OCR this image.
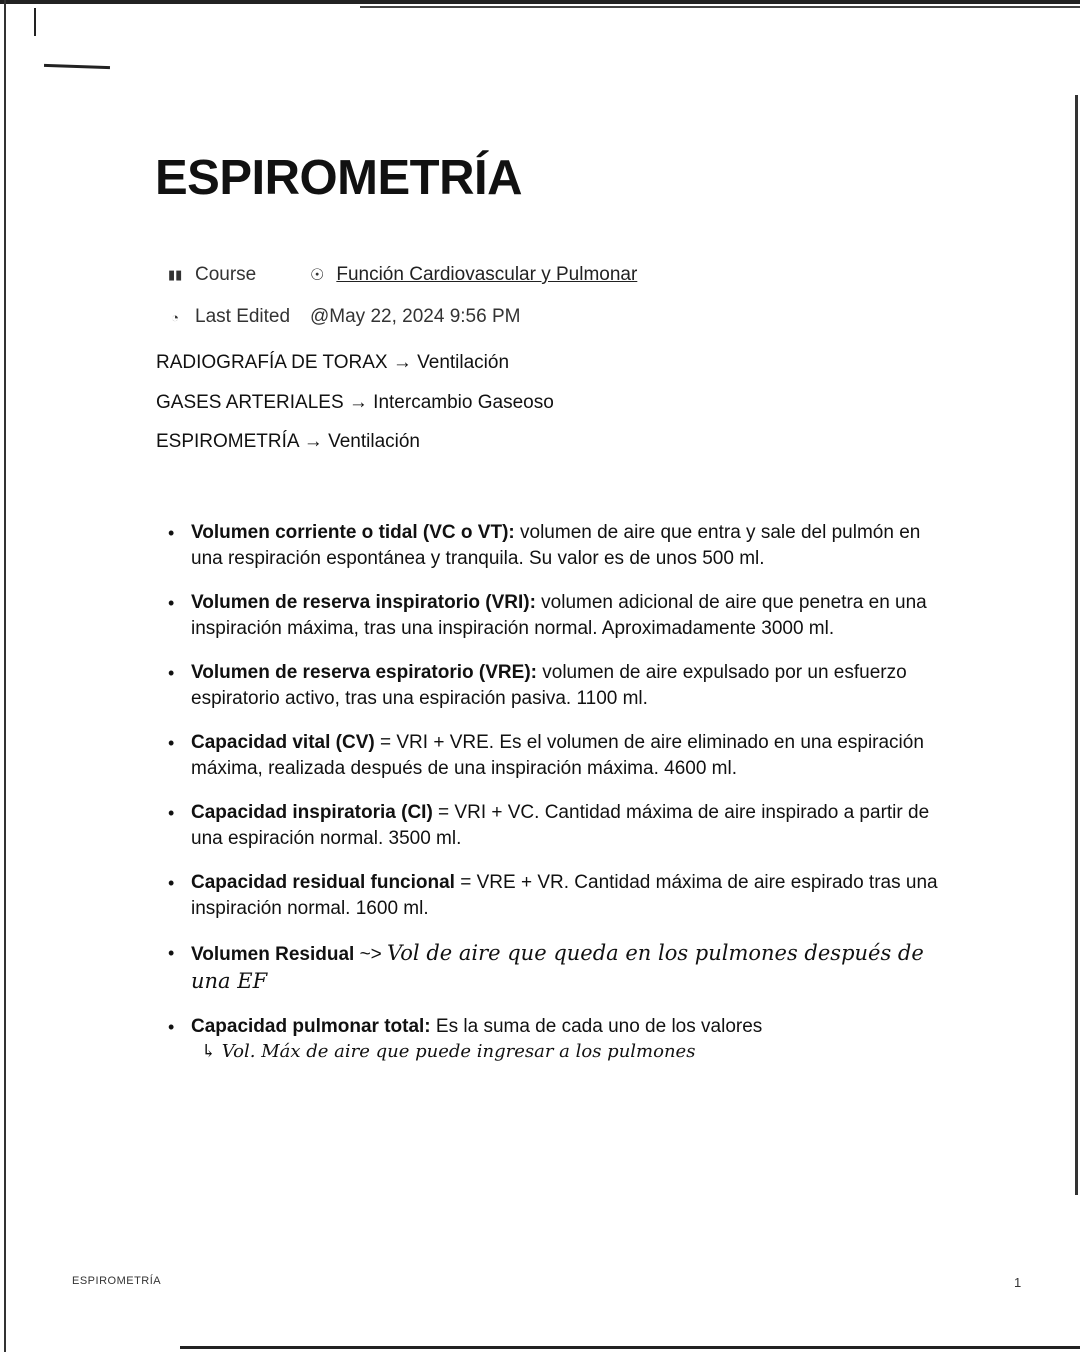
ESPIROMETRÍA
▮▮ Course	☉ Función Cardiovascular y Pulmonar
◔ Last Edited	@May 22, 2024 9:56 PM
RADIOGRAFÍA DE TORAX → Ventilación
GASES ARTERIALES → Intercambio Gaseoso
ESPIROMETRÍA → Ventilación
• Volumen corriente o tidal (VC o VT): volumen de aire que entra y sale del pulmón en una respiración espontánea y tranquila. Su valor es de unos 500 ml.
• Volumen de reserva inspiratorio (VRI): volumen adicional de aire que penetra en una inspiración máxima, tras una inspiración normal. Aproximadamente 3000 ml.
• Volumen de reserva espiratorio (VRE): volumen de aire expulsado por un esfuerzo espiratorio activo, tras una espiración pasiva. 1100 ml.
• Capacidad vital (CV) = VRI + VRE. Es el volumen de aire eliminado en una espiración máxima, realizada después de una inspiración máxima. 4600 ml.
• Capacidad inspiratoria (CI) = VRI + VC. Cantidad máxima de aire inspirado a partir de una espiración normal. 3500 ml.
• Capacidad residual funcional = VRE + VR. Cantidad máxima de aire espirado tras una inspiración normal. 1600 ml.
• Volumen Residual ~> Vol de aire que queda en los pulmones después de una EF
• Capacidad pulmonar total: Es la suma de cada uno de los valores
↳ Vol. Máx de aire que puede ingresar a los pulmones
ESPIROMETRÍA	1
